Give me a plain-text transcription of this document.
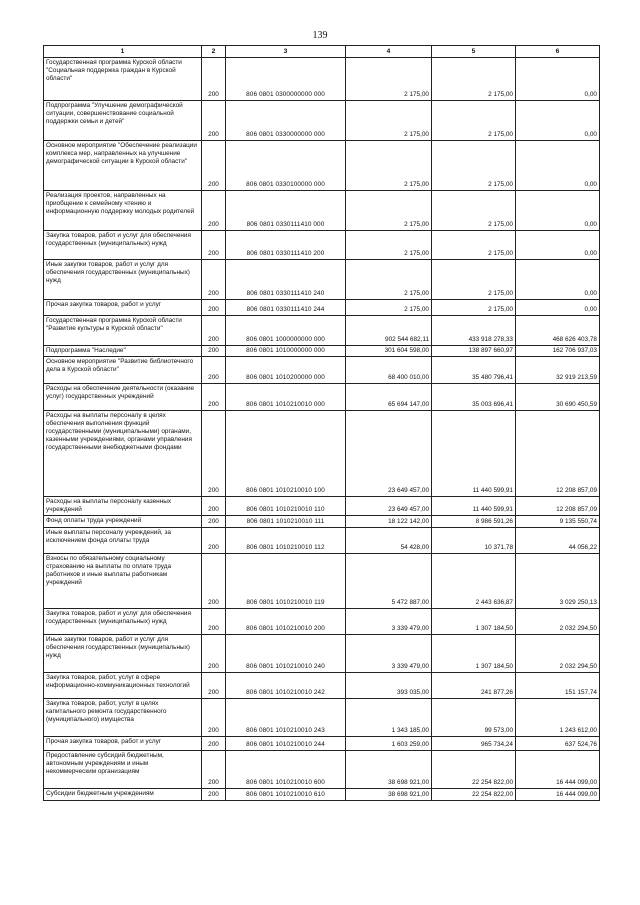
139
1	2	3	4	5	6

Государственная программа Курской области "Социальная поддержка граждан в Курской области"	200	806 0801 0300000000 000	2 175,00	2 175,00	0,00

Подпрограмма "Улучшение демографической ситуации, совершенствование социальной поддержки семьи и детей"	200	806 0801 0330000000 000	2 175,00	2 175,00	0,00

Основное мероприятие "Обеспечение реализации комплекса мер, направленных на улучшение демографической ситуации в Курской области"	200	806 0801 0330100000 000	2 175,00	2 175,00	0,00

Реализация проектов, направленных на приобщение к семейному чтению и информационную поддержку молодых родителей	200	806 0801 0330111410 000	2 175,00	2 175,00	0,00

Закупка товаров, работ и услуг для обеспечения государственных (муниципальных) нужд	200	806 0801 0330111410 200	2 175,00	2 175,00	0,00

Иные закупки товаров, работ и услуг для обеспечения государственных (муниципальных) нужд	200	806 0801 0330111410 240	2 175,00	2 175,00	0,00

Прочая закупка товаров, работ и услуг	200	806 0801 0330111410 244	2 175,00	2 175,00	0,00

Государственная программа Курской области "Развитие культуры в Курской области"	200	806 0801 1000000000 000	902 544 682,11	433 918 278,33	468 626 403,78

Подпрограмма "Наследие"	200	806 0801 1010000000 000	301 604 598,00	138 897 660,97	162 706 937,03

Основное мероприятие "Развитие библиотечного дела в Курской области"	200	806 0801 1010200000 000	68 400 010,00	35 480 796,41	32 919 213,59

Расходы на обеспечение деятельности (оказание услуг) государственных учреждений	200	806 0801 1010210010 000	65 694 147,00	35 003 696,41	30 690 450,59

Расходы на выплаты персоналу в целях обеспечения выполнения функций государственными (муниципальными) органами, казенными учреждениями, органами управления государственными внебюджетными фондами	200	806 0801 1010210010 100	23 649 457,00	11 440 599,91	12 208 857,09

Расходы на выплаты персоналу казенных учреждений	200	806 0801 1010210010 110	23 649 457,00	11 440 599,91	12 208 857,09

Фонд оплаты труда учреждений	200	806 0801 1010210010 111	18 122 142,00	8 986 591,26	9 135 550,74

Иные выплаты персоналу учреждений, за исключением фонда оплаты труда	200	806 0801 1010210010 112	54 428,00	10 371,78	44 056,22

Взносы по обязательному социальному страхованию на выплаты по оплате труда работников и иные выплаты работникам учреждений	200	806 0801 1010210010 119	5 472 887,00	2 443 636,87	3 029 250,13

Закупка товаров, работ и услуг для обеспечения государственных (муниципальных) нужд	200	806 0801 1010210010 200	3 339 479,00	1 307 184,50	2 032 294,50

Иные закупки товаров, работ и услуг для обеспечения государственных (муниципальных) нужд	200	806 0801 1010210010 240	3 339 479,00	1 307 184,50	2 032 294,50

Закупка товаров, работ, услуг в сфере информационно-коммуникационных технологий	200	806 0801 1010210010 242	393 035,00	241 877,26	151 157,74

Закупка товаров, работ, услуг в целях капитального ремонта государственного (муниципального) имущества	200	806 0801 1010210010 243	1 343 185,00	99 573,00	1 243 612,00

Прочая закупка товаров, работ и услуг	200	806 0801 1010210010 244	1 603 259,00	965 734,24	637 524,76

Предоставление субсидий бюджетным, автономным учреждениям и иным некоммерческим организациям	200	806 0801 1010210010 600	38 698 921,00	22 254 822,00	16 444 099,00

Субсидии бюджетным учреждениям	200	806 0801 1010210010 610	38 698 921,00	22 254 822,00	16 444 099,00
